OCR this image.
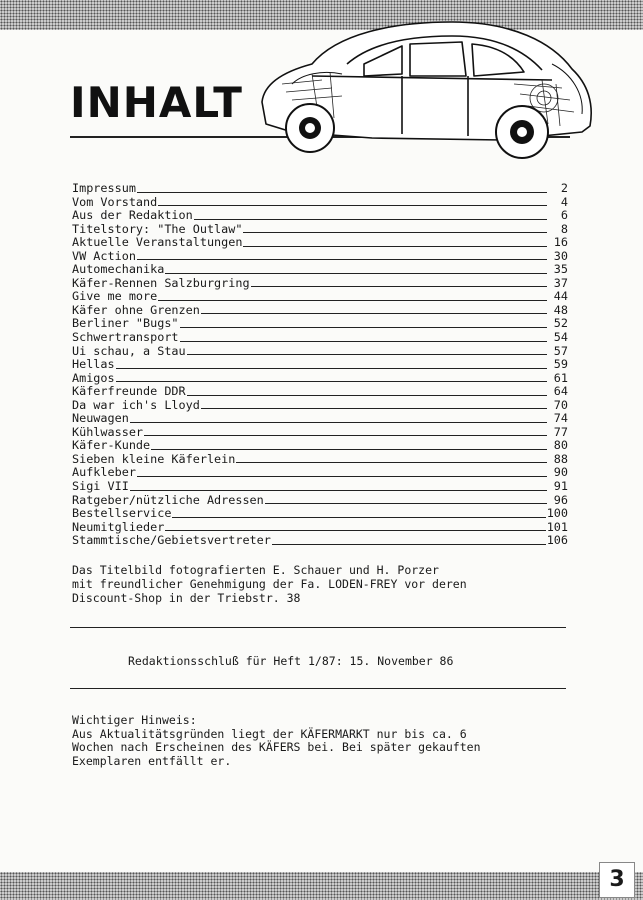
INHALT
Impressum	2
Vom Vorstand	4
Aus der Redaktion	6
Titelstory: "The Outlaw"	8
Aktuelle Veranstaltungen	16
VW Action	30
Automechanika	35
Käfer-Rennen Salzburgring	37
Give me more	44
Käfer ohne Grenzen	48
Berliner "Bugs"	52
Schwertransport	54
Ui schau, a Stau	57
Hellas	59
Amigos	61
Käferfreunde DDR	64
Da war ich's Lloyd	70
Neuwagen	74
Kühlwasser	77
Käfer-Kunde	80
Sieben kleine Käferlein	88
Aufkleber	90
Sigi VII	91
Ratgeber/nützliche Adressen	96
Bestellservice	100
Neumitglieder	101
Stammtische/Gebietsvertreter	106
Das Titelbild fotografierten E. Schauer und H. Porzer
mit freundlicher Genehmigung der Fa. LODEN-FREY vor deren
Discount-Shop in der Triebstr. 38
Redaktionsschluß für Heft 1/87: 15. November 86
Wichtiger Hinweis:
Aus Aktualitätsgründen liegt der KÄFERMARKT nur bis ca. 6
Wochen nach Erscheinen des KÄFERS bei. Bei später gekauften
Exemplaren entfällt er.
3
